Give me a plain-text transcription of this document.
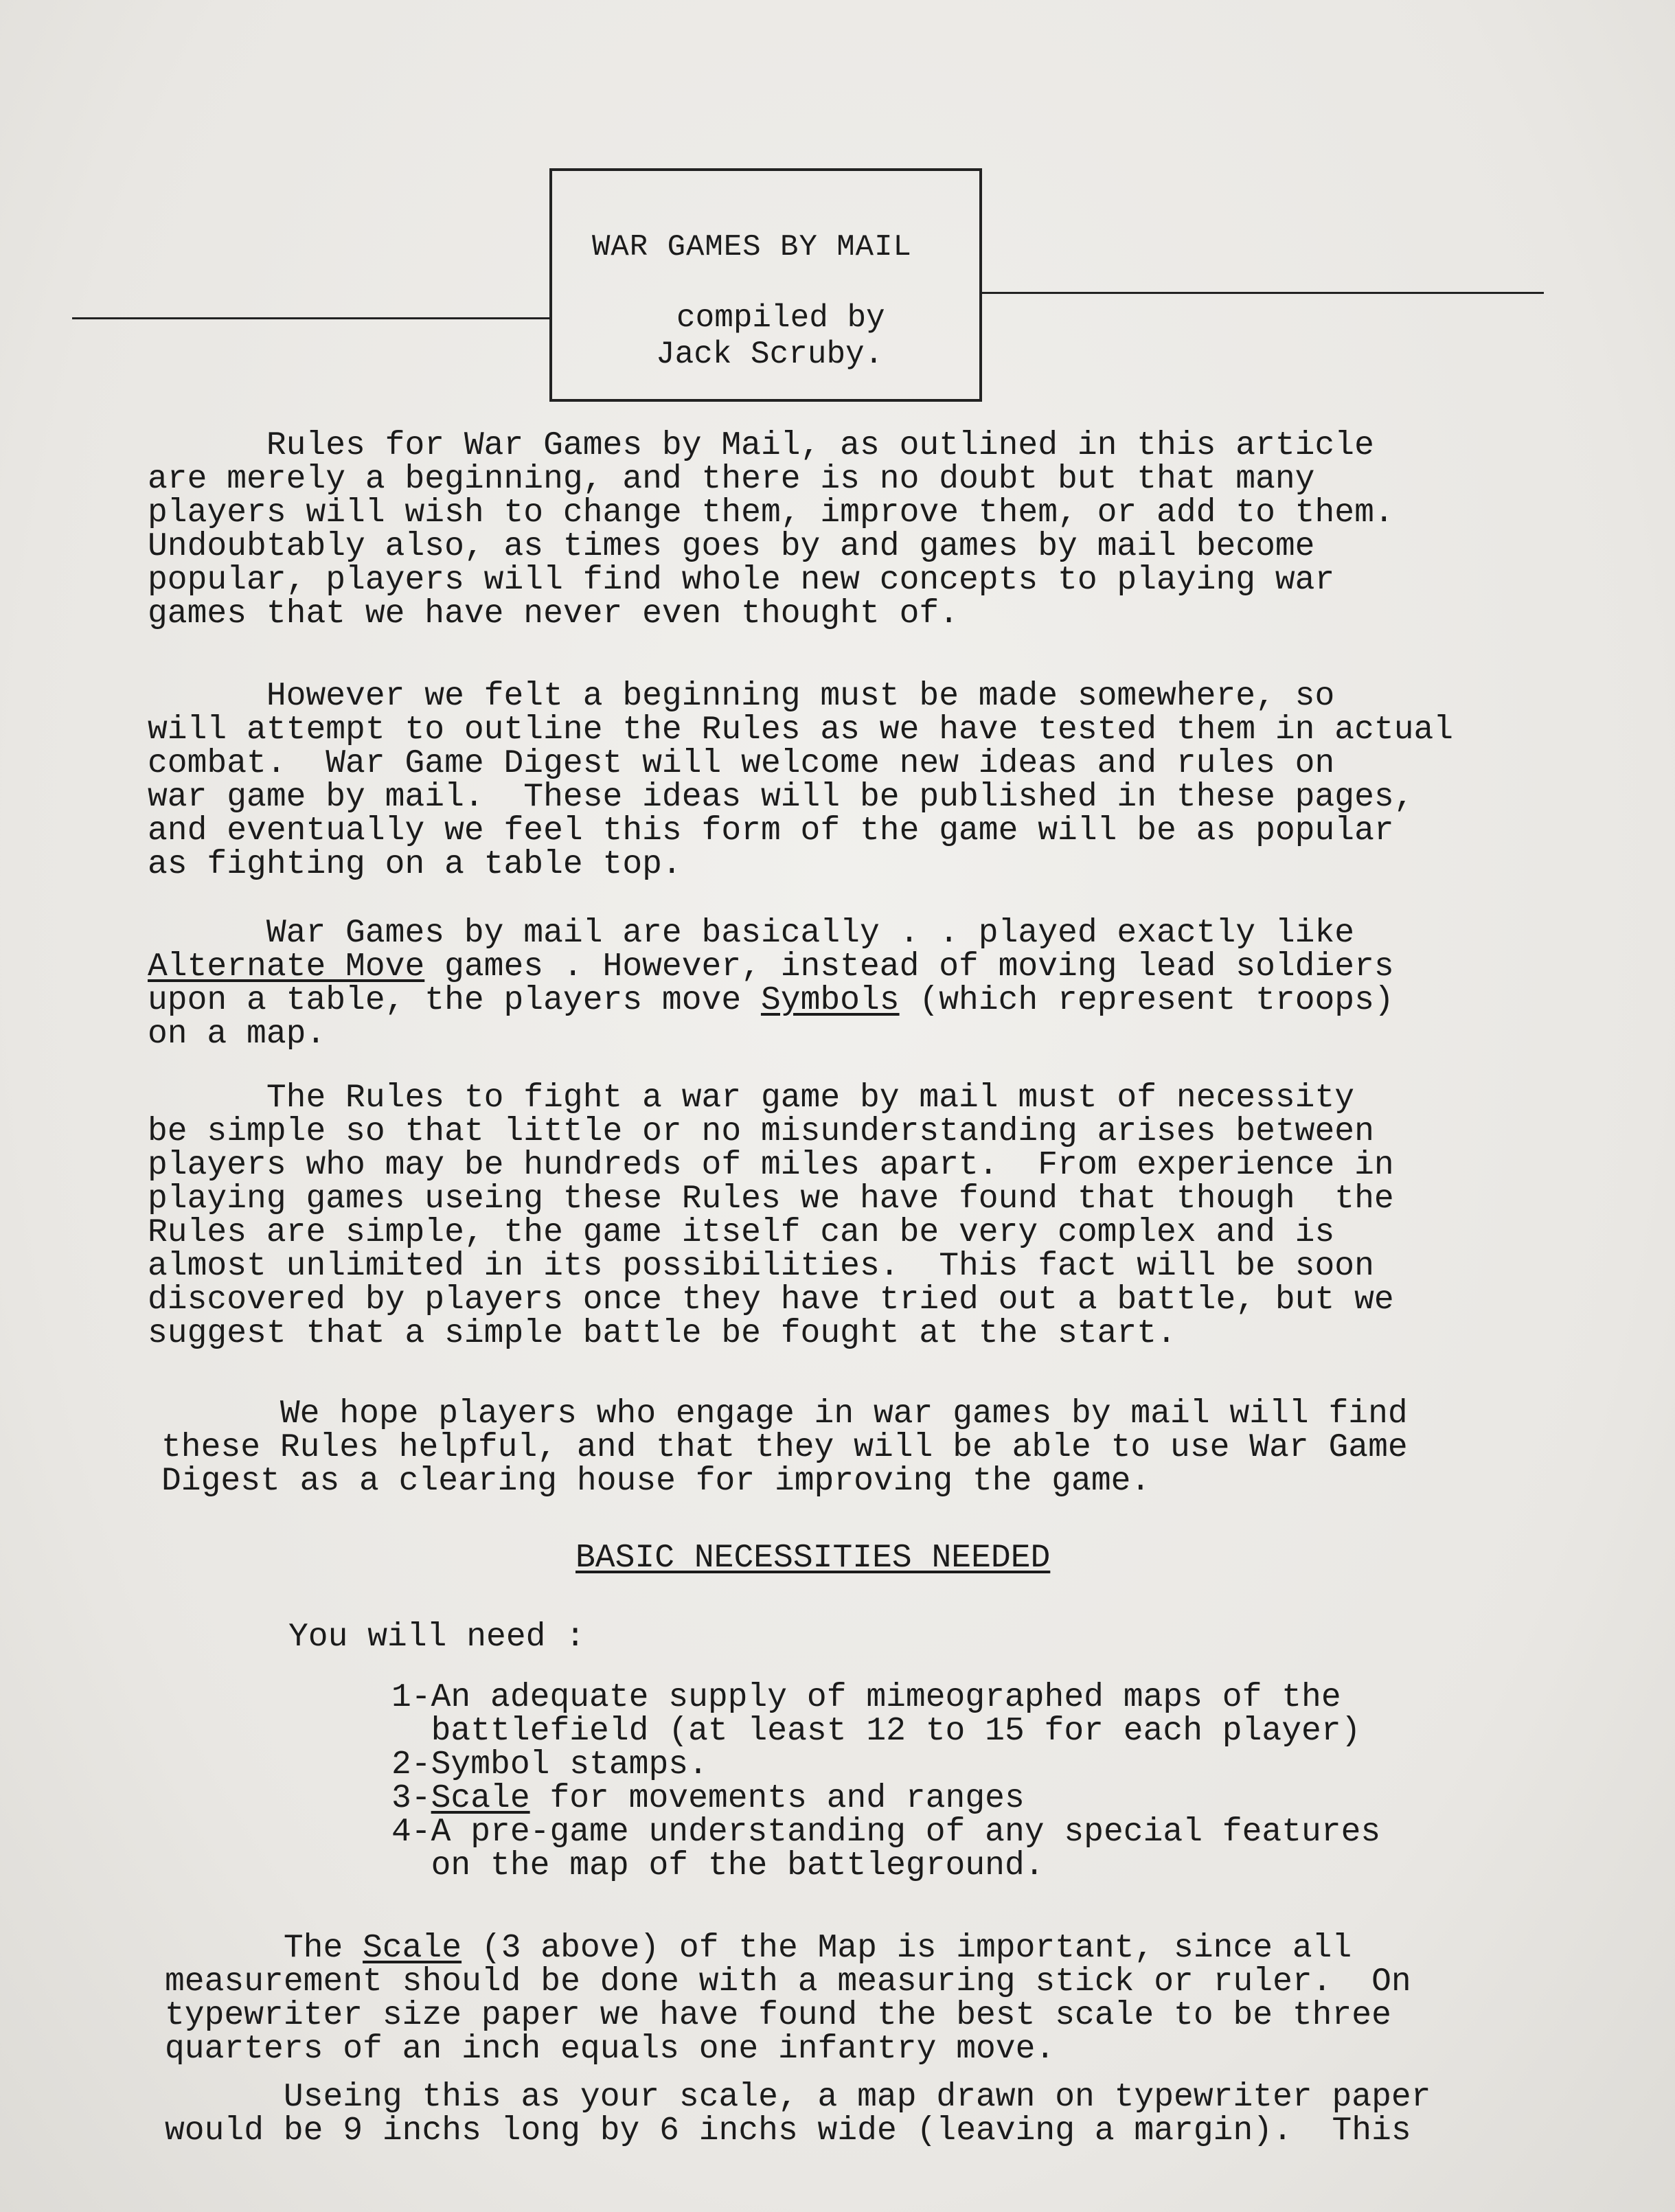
WAR GAMES BY MAIL
compiled by
Jack Scruby.
Rules for War Games by Mail, as outlined in this article
are merely a beginning, and there is no doubt but that many
players will wish to change them, improve them, or add to them.
Undoubtably also, as times goes by and games by mail become
popular, players will find whole new concepts to playing war
games that we have never even thought of.
However we felt a beginning must be made somewhere, so
will attempt to outline the Rules as we have tested them in actual
combat.  War Game Digest will welcome new ideas and rules on
war game by mail.  These ideas will be published in these pages,
and eventually we feel this form of the game will be as popular
as fighting on a table top.
War Games by mail are basically . . played exactly like
Alternate Move games . However, instead of moving lead soldiers
upon a table, the players move Symbols (which represent troops)
on a map.
The Rules to fight a war game by mail must of necessity
be simple so that little or no misunderstanding arises between
players who may be hundreds of miles apart.  From experience in
playing games useing these Rules we have found that though  the
Rules are simple, the game itself can be very complex and is
almost unlimited in its possibilities.  This fact will be soon
discovered by players once they have tried out a battle, but we
suggest that a simple battle be fought at the start.
We hope players who engage in war games by mail will find
these Rules helpful, and that they will be able to use War Game
Digest as a clearing house for improving the game.
BASIC NECESSITIES NEEDED
You will need :
1-An adequate supply of mimeographed maps of the
battlefield (at least 12 to 15 for each player)
2-Symbol stamps.
3-Scale for movements and ranges
4-A pre-game understanding of any special features
on the map of the battleground.
The Scale (3 above) of the Map is important, since all
measurement should be done with a measuring stick or ruler.  On
typewriter size paper we have found the best scale to be three
quarters of an inch equals one infantry move.
Useing this as your scale, a map drawn on typewriter paper
would be 9 inchs long by 6 inchs wide (leaving a margin).  This
